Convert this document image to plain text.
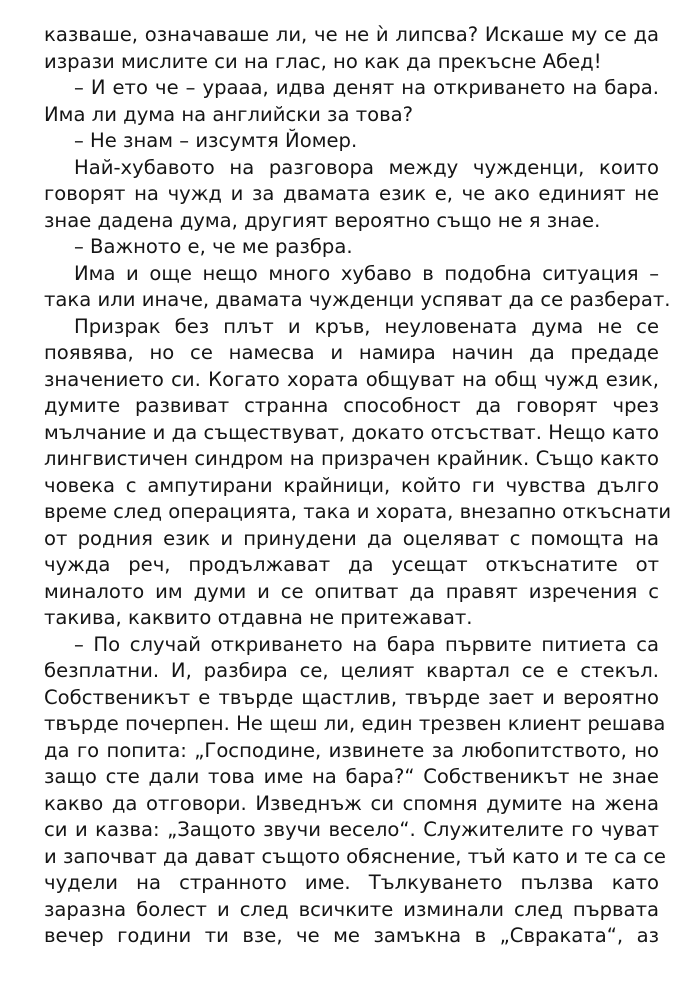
казваше, означаваше ли, че не ѝ липсва? Искаше му се да
изрази мислите си на глас, но как да прекъсне Абед!
– И ето че – урааа, идва денят на откриването на бара.
Има ли дума на английски за това?
– Не знам – изсумтя Йомер.
Най-хубавото на разговора между чужденци, които
говорят на чужд и за двамата език е, че ако единият не
знае дадена дума, другият вероятно също не я знае.
– Важното е, че ме разбра.
Има и още нещо много хубаво в подобна ситуация –
така или иначе, двамата чужденци успяват да се разберат.
Призрак без плът и кръв, неуловената дума не се
появява, но се намесва и намира начин да предаде
значението си. Когато хората общуват на общ чужд език,
думите развиват странна способност да говорят чрез
мълчание и да съществуват, докато отсъстват. Нещо като
лингвистичен синдром на призрачен крайник. Също както
човека с ампутирани крайници, който ги чувства дълго
време след операцията, така и хората, внезапно откъснати
от родния език и принудени да оцеляват с помощта на
чужда реч, продължават да усещат откъснатите от
миналото им думи и се опитват да правят изречения с
такива, каквито отдавна не притежават.
– По случай откриването на бара първите питиета са
безплатни. И, разбира се, целият квартал се е стекъл.
Собственикът е твърде щастлив, твърде зает и вероятно
твърде почерпен. Не щеш ли, един трезвен клиент решава
да го попита: „Господине, извинете за любопитството, но
защо сте дали това име на бара?“ Собственикът не знае
какво да отговори. Изведнъж си спомня думите на жена
си и казва: „Защото звучи весело“. Служителите го чуват
и започват да дават същото обяснение, тъй като и те са се
чудели на странното име. Тълкуването пълзва като
заразна болест и след всичките изминали след първата
вечер години ти взе, че ме замъкна в „Свраката“, аз
